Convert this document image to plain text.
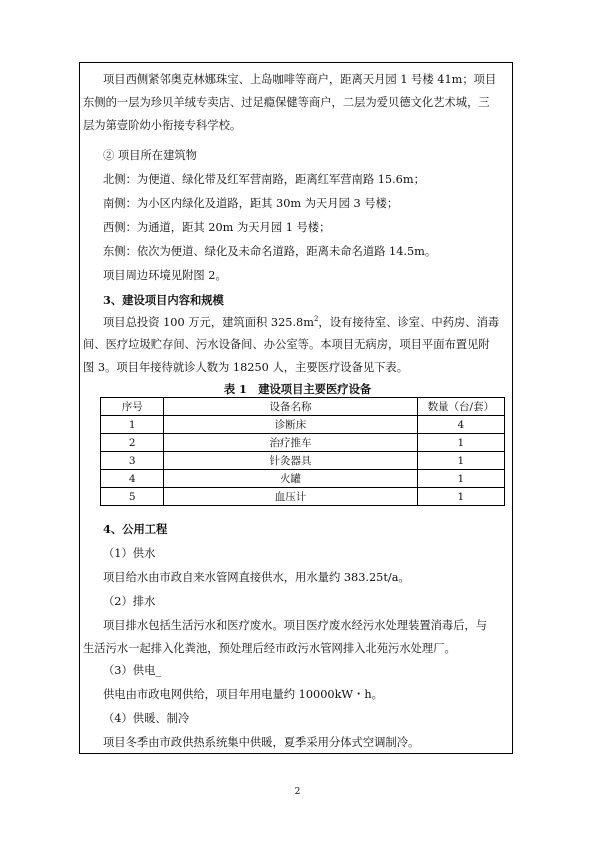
项目西侧紧邻奥克林娜珠宝、上岛咖啡等商户，距离天月园 1 号楼 41m；项目
东侧的一层为珍贝羊绒专卖店、过足瘾保健等商户，二层为爱贝德文化艺术城，三
层为第壹阶幼小衔接专科学校。
② 项目所在建筑物
北侧：为便道、绿化带及红军营南路，距离红军营南路 15.6m；
南侧：为小区内绿化及道路，距其 30m 为天月园 3 号楼；
西侧：为通道，距其 20m 为天月园 1 号楼；
东侧：依次为便道、绿化及未命名道路，距离未命名道路 14.5m。
项目周边环境见附图 2。
3、建设项目内容和规模
项目总投资 100 万元，建筑面积 $325.8m^2$，设有接待室、诊室、中药房、消毒
间、医疗垃圾贮存间、污水设备间、办公室等。本项目无病房，项目平面布置见附
图 3。项目年接待就诊人数为 18250 人，主要医疗设备见下表。
表 1　建设项目主要医疗设备
序号	设备名称	数量（台/套）
1	诊断床	4
2	治疗推车	1
3	针灸器具	1
4	火罐	1
5	血压计	1
4、公用工程
（1）供水
项目给水由市政自来水管网直接供水，用水量约 383.25t/a。
（2）排水
项目排水包括生活污水和医疗废水。项目医疗废水经污水处理装置消毒后，与
生活污水一起排入化粪池，预处理后经市政污水管网排入北苑污水处理厂。
（3）供电_
供电由市政电网供给，项目年用电量约 10000kW・h。
（4）供暖、制冷
项目冬季由市政供热系统集中供暖，夏季采用分体式空调制冷。
2
